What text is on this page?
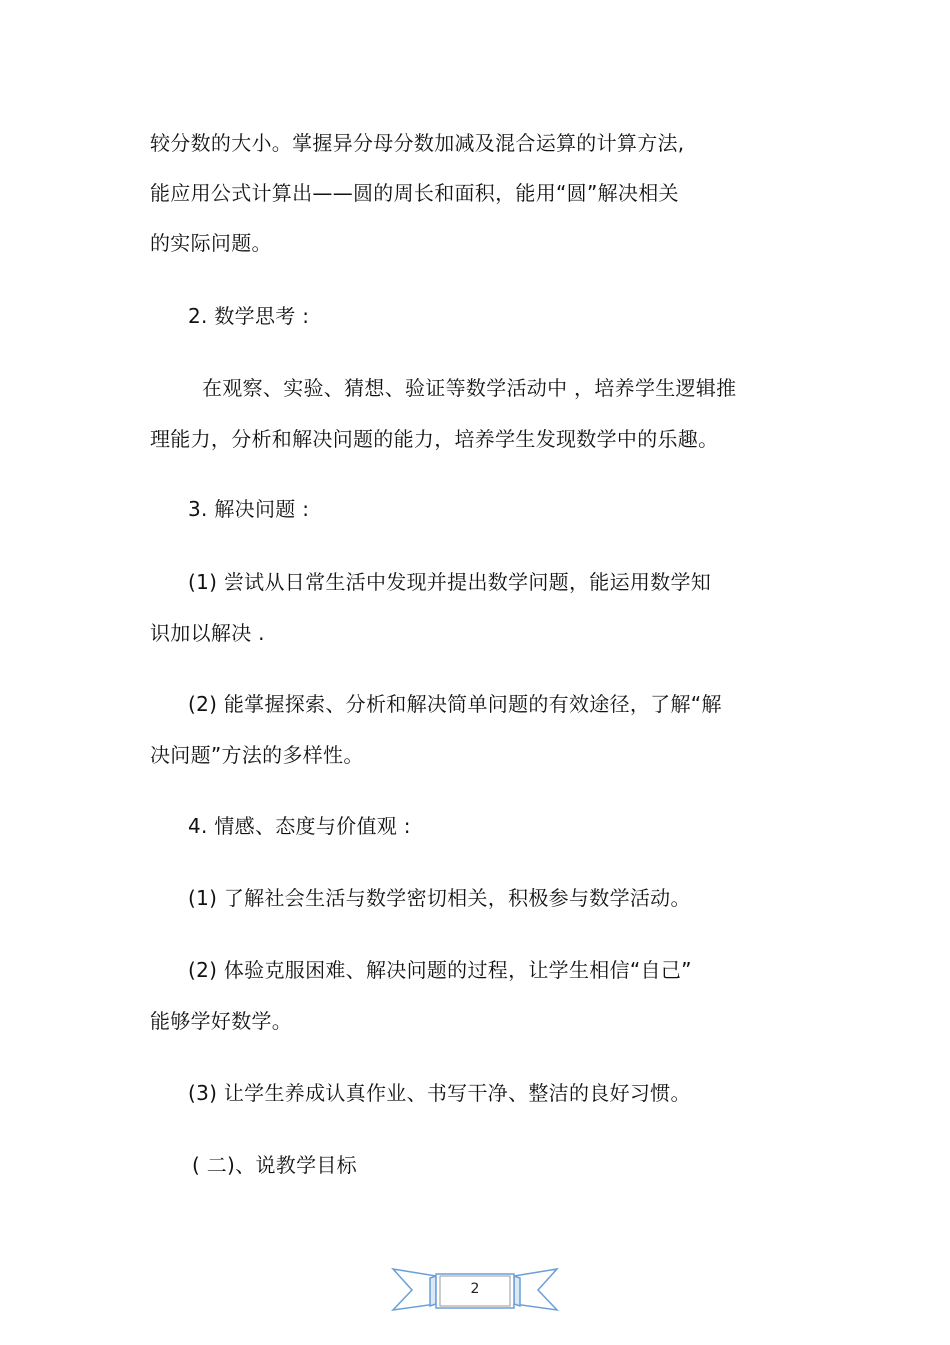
较分数的大小。掌握异分母分数加减及混合运算的计算方法,
能应用公式计算出——圆的周长和面积，能用“圆”解决相关
的实际问题。
2. 数学思考 :
在观察、实验、猜想、验证等数学活动中 ，培养学生逻辑推
理能力，分析和解决问题的能力，培养学生发现数学中的乐趣。
3. 解决问题 :
(1) 尝试从日常生活中发现并提出数学问题，能运用数学知
识加以解决 .
(2) 能掌握探索、分析和解决简单问题的有效途径，了解“解
决问题”方法的多样性。
4. 情感、态度与价值观 :
(1) 了解社会生活与数学密切相关，积极参与数学活动。
(2) 体验克服困难、解决问题的过程，让学生相信“自己”
能够学好数学。
(3) 让学生养成认真作业、书写干净、整洁的良好习惯。
( 二)、说教学目标
2
